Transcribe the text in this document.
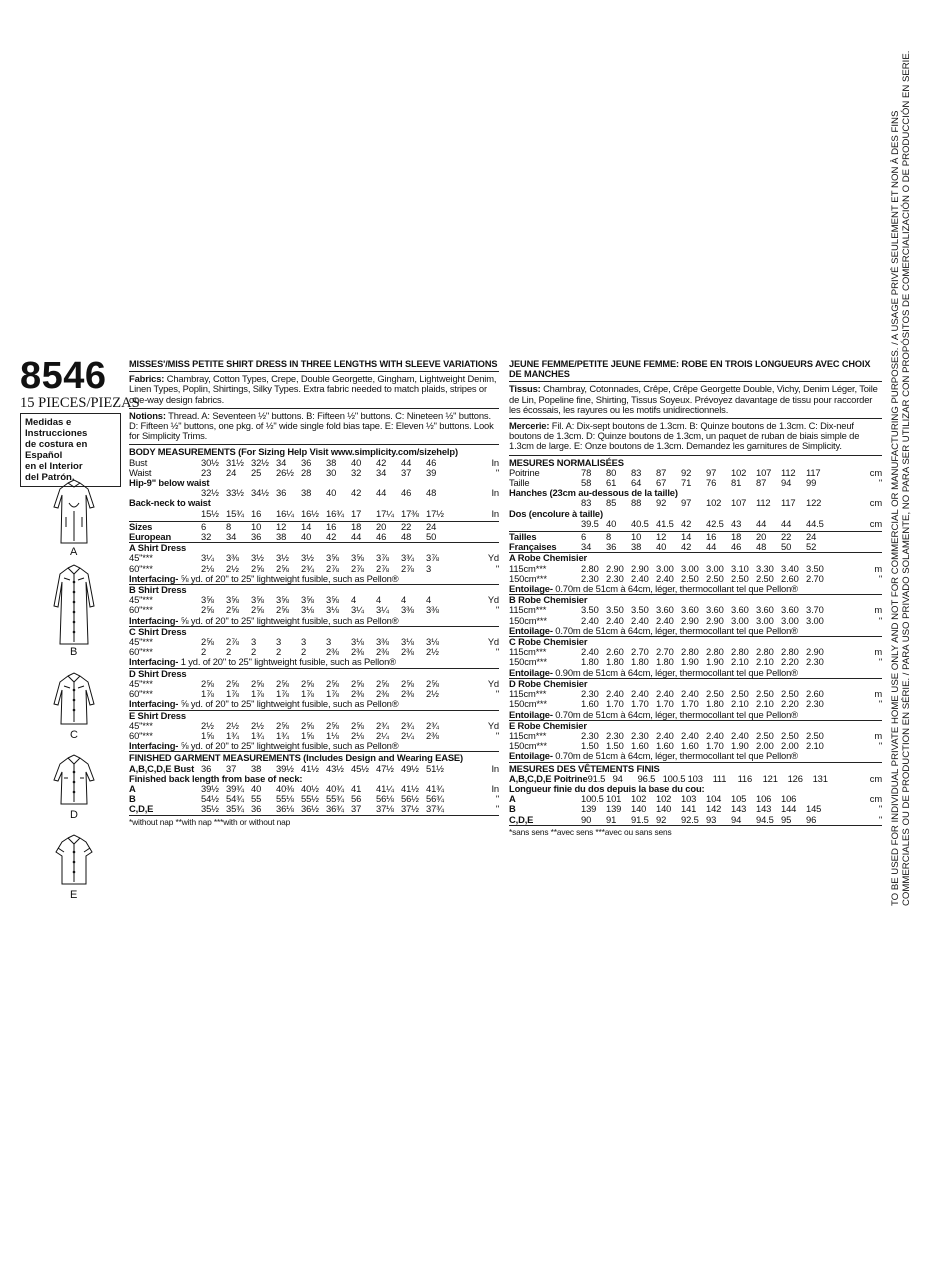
8546
15 PIECES/PIEZAS
Medidas e Instrucciones
de costura en Español
en el Interior
del Patrón.
A
B
C
D
E
MISSES'/MISS PETITE SHIRT DRESS IN THREE LENGTHS WITH SLEEVE VARIATIONS
Fabrics: Chambray, Cotton Types, Crepe, Double Georgette, Gingham, Lightweight Denim, Linen Types, Poplin, Shirtings, Silky Types. Extra fabric needed to match plaids, stripes or one-way design fabrics.
Notions: Thread. A: Seventeen ½" buttons. B: Fifteen ½" buttons. C: Nineteen ½" buttons. D: Fifteen ½" buttons, one pkg. of ½" wide single fold bias tape. E: Eleven ½" buttons. Look for Simplicity Trims.
BODY MEASUREMENTS (For Sizing Help Visit www.simplicity.com/sizehelp)
Bust	30½	31½	32½	34	36	38	40	42	44	46	In
Waist	23	24	25	26½	28	30	32	34	37	39	"
Hip-9" below waist											
	32½	33½	34½	36	38	40	42	44	46	48	In
Back-neck to waist											
	15½	15¾	16	16¼	16½	16¾	17	17¼	17⅜	17½	In
Sizes	6	8	10	12	14	16	18	20	22	24	
European	32	34	36	38	40	42	44	46	48	50	
A Shirt Dress
45"***	3¼	3⅜	3½	3½	3½	3⅝	3⅝	3⅞	3¾	3⅞	Yd
60"***	2⅛	2½	2⅝	2⅝	2¾	2⅞	2⅞	2⅞	2⅞	3	"
Interfacing- ⅝ yd. of 20" to 25" lightweight fusible, such as Pellon®
B Shirt Dress
45"***	3⅝	3⅝	3⅝	3⅝	3⅝	3⅝	4	4	4	4	Yd
60"***	2⅝	2⅝	2⅝	2⅝	3⅛	3⅛	3¼	3¼	3⅜	3⅜	"
Interfacing- ⅝ yd. of 20" to 25" lightweight fusible, such as Pellon®
C Shirt Dress
45"***	2⅝	2⅞	3	3	3	3	3⅛	3⅜	3⅛	3⅛	Yd
60"***	2	2	2	2	2	2⅜	2⅜	2⅜	2⅜	2½	"
Interfacing- 1 yd. of 20" to 25" lightweight fusible, such as Pellon®
D Shirt Dress
45"***	2⅝	2⅝	2⅝	2⅝	2⅝	2⅝	2⅝	2⅝	2⅝	2⅝	Yd
60"***	1⅞	1⅞	1⅞	1⅞	1⅞	1⅞	2⅜	2⅜	2⅜	2½	"
Interfacing- ⅝ yd. of 20" to 25" lightweight fusible, such as Pellon®
E Shirt Dress
45"***	2½	2½	2½	2⅝	2⅝	2⅝	2⅝	2¾	2¾	2¾	Yd
60"***	1⅝	1¾	1¾	1¾	1⅝	1⅛	2⅛	2¼	2¼	2⅜	"
Interfacing- ⅝ yd. of 20" to 25" lightweight fusible, such as Pellon®
FINISHED GARMENT MEASUREMENTS (Includes Design and Wearing EASE)
A,B,C,D,E Bust	36	37	38	39½	41½	43½	45½	47½	49½	51½	In
Finished back length from base of neck:
A	39½	39¾	40	40⅜	40½	40¾	41	41¼	41½	41¾	In
B	54½	54¾	55	55⅛	55½	55¾	56	56⅛	56½	56¾	"
C,D,E	35½	35¾	36	36⅛	36½	36¾	37	37⅛	37½	37¾	"
*without nap **with nap ***with or without nap
JEUNE FEMME/PETITE JEUNE FEMME: ROBE EN TROIS LONGUEURS AVEC CHOIX DE MANCHES
Tissus: Chambray, Cotonnades, Crêpe, Crêpe Georgette Double, Vichy, Denim Léger, Toile de Lin, Popeline fine, Shirting, Tissus Soyeux. Prévoyez davantage de tissu pour raccorder les écossais, les rayures ou les motifs unidirectionnels.
Mercerie: Fil. A: Dix-sept boutons de 1.3cm. B: Quinze boutons de 1.3cm. C: Dix-neuf boutons de 1.3cm. D: Quinze boutons de 1.3cm, un paquet de ruban de biais simple de 1.3cm de large. E: Onze boutons de 1.3cm. Demandez les garnitures de Simplicity.
MESURES NORMALISÉES
Poitrine	78	80	83	87	92	97	102	107	112	117	cm
Taille	58	61	64	67	71	76	81	87	94	99	"
Hanches (23cm au-dessous de la taille)											
	83	85	88	92	97	102	107	112	117	122	cm
Dos (encolure à taille)											
	39.5	40	40.5	41.5	42	42.5	43	44	44	44.5	cm
Tailles	6	8	10	12	14	16	18	20	22	24	
Françaises	34	36	38	40	42	44	46	48	50	52	
A Robe Chemisier
115cm***	2.80	2.90	2.90	3.00	3.00	3.00	3.10	3.30	3.40	3.50	m
150cm***	2.30	2.30	2.40	2.40	2.50	2.50	2.50	2.50	2.60	2.70	"
Entoilage- 0.70m de 51cm à 64cm, léger, thermocollant tel que Pellon®
B Robe Chemisier
115cm***	3.50	3.50	3.50	3.60	3.60	3.60	3.60	3.60	3.60	3.70	m
150cm***	2.40	2.40	2.40	2.40	2.90	2.90	3.00	3.00	3.00	3.00	"
Entoilage- 0.70m de 51cm à 64cm, léger, thermocollant tel que Pellon®
C Robe Chemisier
115cm***	2.40	2.60	2.70	2.70	2.80	2.80	2.80	2.80	2.80	2.90	m
150cm***	1.80	1.80	1.80	1.80	1.90	1.90	2.10	2.10	2.20	2.30	"
Entoilage- 0.90m de 51cm à 64cm, léger, thermocollant tel que Pellon®
D Robe Chemisier
115cm***	2.30	2.40	2.40	2.40	2.40	2.50	2.50	2.50	2.50	2.60	m
150cm***	1.60	1.70	1.70	1.70	1.70	1.80	2.10	2.10	2.20	2.30	"
Entoilage- 0.70m de 51cm à 64cm, léger, thermocollant tel que Pellon®
E Robe Chemisier
115cm***	2.30	2.30	2.30	2.40	2.40	2.40	2.40	2.50	2.50	2.50	m
150cm***	1.50	1.50	1.60	1.60	1.60	1.70	1.90	2.00	2.00	2.10	"
Entoilage- 0.70m de 51cm à 64cm, léger, thermocollant tel que Pellon®
MESURES DES VÊTEMENTS FINIS
A,B,C,D,E Poitrine	91.5	94	96.5	100.5	103	111	116	121	126	131	cm
Longueur finie du dos depuis la base du cou:
A	100.5	101	102	102	103	104	105	106	106		cm
B	139	139	140	140	141	142	143	143	144	145	"
C,D,E	90	91	91.5	92	92.5	93	94	94.5	95	96	"
*sans sens **avec sens ***avec ou sans sens	TO BE USED FOR INDIVIDUAL PRIVATE HOME USE ONLY AND NOT FOR COMMERCIAL OR MANUFACTURING PURPOSES. / A USAGE PRIVÉ SEULEMENT ET NON À DES FINS COMMERCIALES OU DE PRODUCTION EN SÉRIE. / PARA USO PRIVADO SOLAMENTE, NO PARA SER UTILIZAR CON PROPÓSITOS DE COMERCIALIZACIÓN O DE PRODUCCIÓN EN SERIE.
